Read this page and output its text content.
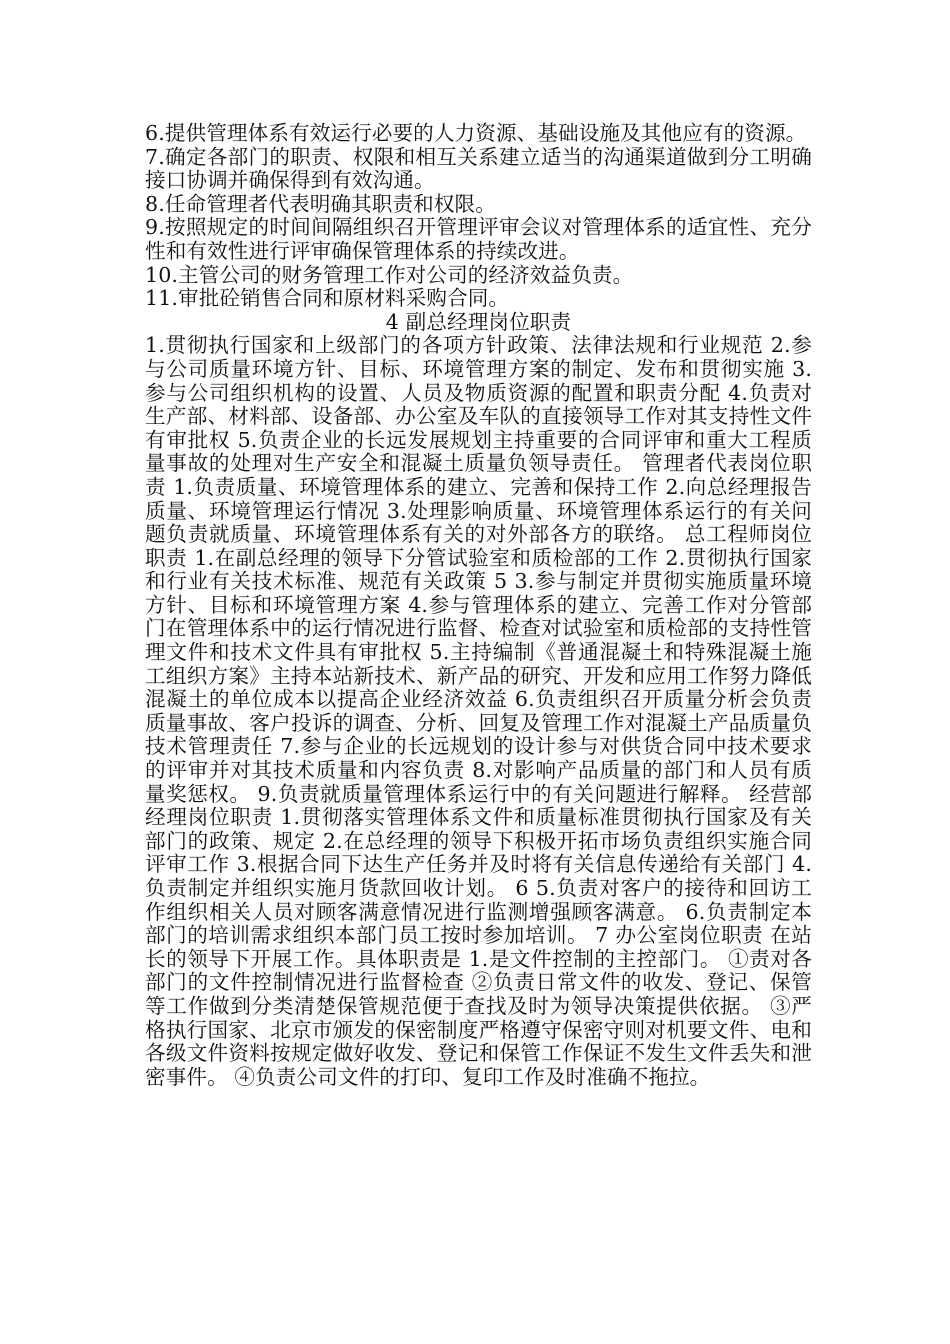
6.提供管理体系有效运行必要的人力资源、基础设施及其他应有的资源。

7.确定各部门的职责、权限和相互关系建立适当的沟通渠道做到分工明确接口协调并确保得到有效沟通。

8.任命管理者代表明确其职责和权限。

9.按照规定的时间间隔组织召开管理评审会议对管理体系的适宜性、充分性和有效性进行评审确保管理体系的持续改进。

10.主管公司的财务管理工作对公司的经济效益负责。

11.审批砼销售合同和原材料采购合同。

4 副总经理岗位职责

1.贯彻执行国家和上级部门的各项方针政策、法律法规和行业规范 2.参与公司质量环境方针、目标、环境管理方案的制定、发布和贯彻实施 3.参与公司组织机构的设置、人员及物质资源的配置和职责分配 4.负责对生产部、材料部、设备部、办公室及车队的直接领导工作对其支持性文件有审批权 5.负责企业的长远发展规划主持重要的合同评审和重大工程质量事故的处理对生产安全和混凝土质量负领导责任。 管理者代表岗位职责 1.负责质量、环境管理体系的建立、完善和保持工作 2.向总经理报告质量、环境管理运行情况 3.处理影响质量、环境管理体系运行的有关问题负责就质量、环境管理体系有关的对外部各方的联络。 总工程师岗位职责 1.在副总经理的领导下分管试验室和质检部的工作 2.贯彻执行国家和行业有关技术标准、规范有关政策 5 3.参与制定并贯彻实施质量环境方针、目标和环境管理方案 4.参与管理体系的建立、完善工作对分管部门在管理体系中的运行情况进行监督、检查对试验室和质检部的支持性管理文件和技术文件具有审批权 5.主持编制《普通混凝土和特殊混凝土施工组织方案》主持本站新技术、新产品的研究、开发和应用工作努力降低混凝土的单位成本以提高企业经济效益 6.负责组织召开质量分析会负责质量事故、客户投诉的调查、分析、回复及管理工作对混凝土产品质量负技术管理责任 7.参与企业的长远规划的设计参与对供货合同中技术要求的评审并对其技术质量和内容负责 8.对影响产品质量的部门和人员有质量奖惩权。 9.负责就质量管理体系运行中的有关问题进行解释。 经营部经理岗位职责 1.贯彻落实管理体系文件和质量标准贯彻执行国家及有关部门的政策、规定 2.在总经理的领导下积极开拓市场负责组织实施合同评审工作 3.根据合同下达生产任务并及时将有关信息传递给有关部门 4.负责制定并组织实施月货款回收计划。 6 5.负责对客户的接待和回访工作组织相关人员对顾客满意情况进行监测增强顾客满意。 6.负责制定本部门的培训需求组织本部门员工按时参加培训。 7 办公室岗位职责 在站长的领导下开展工作。具体职责是 1.是文件控制的主控部门。 ①责对各部门的文件控制情况进行监督检查 ②负责日常文件的收发、登记、保管等工作做到分类清楚保管规范便于查找及时为领导决策提供依据。 ③严格执行国家、北京市颁发的保密制度严格遵守保密守则对机要文件、电和各级文件资料按规定做好收发、登记和保管工作保证不发生文件丢失和泄密事件。 ④负责公司文件的打印、复印工作及时准确不拖拉。
